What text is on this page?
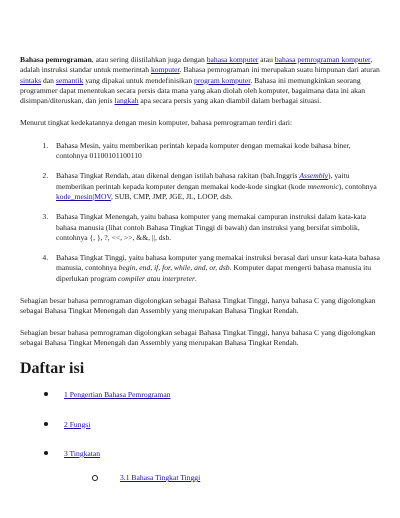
Bahasa pemrograman, atau sering diistilahkan juga dengan bahasa komputer atau bahasa pemrograman komputer, adalah instruksi standar untuk memerintah komputer. Bahasa pemrograman ini merupakan suatu himpunan dari aturan sintaks dan semantik yang dipakai untuk mendefinisikan program komputer. Bahasa ini memungkinkan seorang programmer dapat menentukan secara persis data mana yang akan diolah oleh komputer, bagaimana data ini akan disimpan/diteruskan, dan jenis langkah apa secara persis yang akan diambil dalam berbagai situasi.

Menurut tingkat kedekatannya dengan mesin komputer, bahasa pemrograman terdiri dari:

1. Bahasa Mesin, yaitu memberikan perintah kepada komputer dengan memakai kode bahasa biner, contohnya 01100101100110
2. Bahasa Tingkat Rendah, atau dikenal dengan istilah bahasa rakitan (bah.Inggris Assembly), yaitu memberikan perintah kepada komputer dengan memakai kode-kode singkat (kode mnemonic), contohnya kode_mesin|MOV, SUB, CMP, JMP, JGE, JL, LOOP, dsb.
3. Bahasa Tingkat Menengah, yaitu bahasa komputer yang memakai campuran instruksi dalam kata-kata bahasa manusia (lihat contoh Bahasa Tingkat Tinggi di bawah) dan instruksi yang bersifat simbolik, contohnya {, }, ?, <<, >>, &&, ||, dsb.
4. Bahasa Tingkat Tinggi, yaitu bahasa komputer yang memakai instruksi berasal dari unsur kata-kata bahasa manusia, contohnya begin, end, if, for, while, and, or, dsb. Komputer dapat mengerti bahasa manusia itu diperlukan program compiler atau interpreter.

Sebagian besar bahasa pemrograman digolongkan sebagai Bahasa Tingkat Tinggi, hanya bahasa C yang digolongkan sebagai Bahasa Tingkat Menengah dan Assembly yang merupakan Bahasa Tingkat Rendah.

Sebagian besar bahasa pemrograman digolongkan sebagai Bahasa Tingkat Tinggi, hanya bahasa C yang digolongkan sebagai Bahasa Tingkat Menengah dan Assembly yang merupakan Bahasa Tingkat Rendah.

Daftar isi
1 Pengertian Bahasa Pemrograman
2 Fungsi
3 Tingkatan
3.1 Bahasa Tingkat Tinggi
